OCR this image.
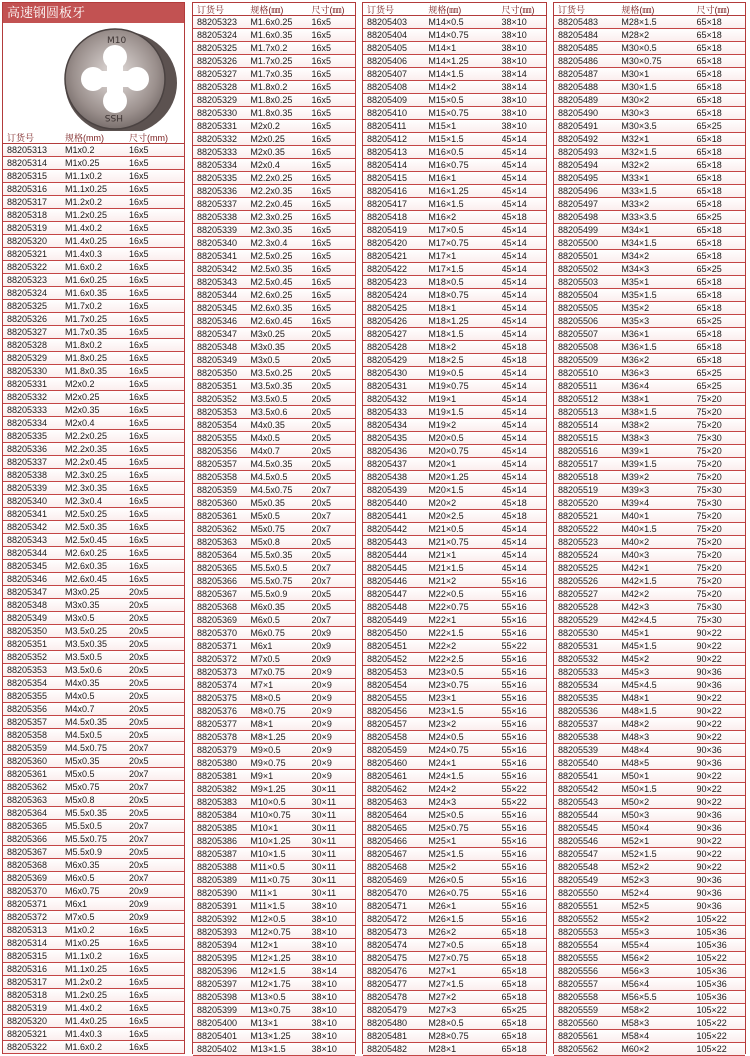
高速钢圆板牙
M10
HSS
订货号	规格(mm)	尺寸(mm)
88205313	M1x0.2	16x5
88205314	M1x0.25	16x5
88205315	M1.1x0.2	16x5
88205316	M1.1x0.25	16x5
88205317	M1.2x0.2	16x5
88205318	M1.2x0.25	16x5
88205319	M1.4x0.2	16x5
88205320	M1.4x0.25	16x5
88205321	M1.4x0.3	16x5
88205322	M1.6x0.2	16x5
88205323	M1.6x0.25	16x5
88205324	M1.6x0.35	16x5
88205325	M1.7x0.2	16x5
88205326	M1.7x0.25	16x5
88205327	M1.7x0.35	16x5
88205328	M1.8x0.2	16x5
88205329	M1.8x0.25	16x5
88205330	M1.8x0.35	16x5
88205331	M2x0.2	16x5
88205332	M2x0.25	16x5
88205333	M2x0.35	16x5
88205334	M2x0.4	16x5
88205335	M2.2x0.25	16x5
88205336	M2.2x0.35	16x5
88205337	M2.2x0.45	16x5
88205338	M2.3x0.25	16x5
88205339	M2.3x0.35	16x5
88205340	M2.3x0.4	16x5
88205341	M2.5x0.25	16x5
88205342	M2.5x0.35	16x5
88205343	M2.5x0.45	16x5
88205344	M2.6x0.25	16x5
88205345	M2.6x0.35	16x5
88205346	M2.6x0.45	16x5
88205347	M3x0.25	20x5
88205348	M3x0.35	20x5
88205349	M3x0.5	20x5
88205350	M3.5x0.25	20x5
88205351	M3.5x0.35	20x5
88205352	M3.5x0.5	20x5
88205353	M3.5x0.6	20x5
88205354	M4x0.35	20x5
88205355	M4x0.5	20x5
88205356	M4x0.7	20x5
88205357	M4.5x0.35	20x5
88205358	M4.5x0.5	20x5
88205359	M4.5x0.75	20x7
88205360	M5x0.35	20x5
88205361	M5x0.5	20x7
88205362	M5x0.75	20x7
88205363	M5x0.8	20x5
88205364	M5.5x0.35	20x5
88205365	M5.5x0.5	20x7
88205366	M5.5x0.75	20x7
88205367	M5.5x0.9	20x5
88205368	M6x0.35	20x5
88205369	M6x0.5	20x7
88205370	M6x0.75	20x9
88205371	M6x1	20x9
88205372	M7x0.5	20x9
88205313	M1x0.2	16x5
88205314	M1x0.25	16x5
88205315	M1.1x0.2	16x5
88205316	M1.1x0.25	16x5
88205317	M1.2x0.2	16x5
88205318	M1.2x0.25	16x5
88205319	M1.4x0.2	16x5
88205320	M1.4x0.25	16x5
88205321	M1.4x0.3	16x5
88205322	M1.6x0.2	16x5
订货号	规格(㎜)	尺寸(㎜)
88205323	M1.6x0.25	16x5
88205324	M1.6x0.35	16x5
88205325	M1.7x0.2	16x5
88205326	M1.7x0.25	16x5
88205327	M1.7x0.35	16x5
88205328	M1.8x0.2	16x5
88205329	M1.8x0.25	16x5
88205330	M1.8x0.35	16x5
88205331	M2x0.2	16x5
88205332	M2x0.25	16x5
88205333	M2x0.35	16x5
88205334	M2x0.4	16x5
88205335	M2.2x0.25	16x5
88205336	M2.2x0.35	16x5
88205337	M2.2x0.45	16x5
88205338	M2.3x0.25	16x5
88205339	M2.3x0.35	16x5
88205340	M2.3x0.4	16x5
88205341	M2.5x0.25	16x5
88205342	M2.5x0.35	16x5
88205343	M2.5x0.45	16x5
88205344	M2.6x0.25	16x5
88205345	M2.6x0.35	16x5
88205346	M2.6x0.45	16x5
88205347	M3x0.25	20x5
88205348	M3x0.35	20x5
88205349	M3x0.5	20x5
88205350	M3.5x0.25	20x5
88205351	M3.5x0.35	20x5
88205352	M3.5x0.5	20x5
88205353	M3.5x0.6	20x5
88205354	M4x0.35	20x5
88205355	M4x0.5	20x5
88205356	M4x0.7	20x5
88205357	M4.5x0.35	20x5
88205358	M4.5x0.5	20x5
88205359	M4.5x0.75	20x7
88205360	M5x0.35	20x5
88205361	M5x0.5	20x7
88205362	M5x0.75	20x7
88205363	M5x0.8	20x5
88205364	M5.5x0.35	20x5
88205365	M5.5x0.5	20x7
88205366	M5.5x0.75	20x7
88205367	M5.5x0.9	20x5
88205368	M6x0.35	20x5
88205369	M6x0.5	20x7
88205370	M6x0.75	20x9
88205371	M6x1	20x9
88205372	M7x0.5	20x9
88205373	M7x0.75	20×9
88205374	M7×1	20×9
88205375	M8×0.5	20×9
88205376	M8×0.75	20×9
88205377	M8×1	20×9
88205378	M8×1.25	20×9
88205379	M9×0.5	20×9
88205380	M9×0.75	20×9
88205381	M9×1	20×9
88205382	M9×1.25	30×11
88205383	M10×0.5	30×11
88205384	M10×0.75	30×11
88205385	M10×1	30×11
88205386	M10×1.25	30×11
88205387	M10×1.5	30×11
88205388	M11×0.5	30×11
88205389	M11×0.75	30×11
88205390	M11×1	30×11
88205391	M11×1.5	38×10
88205392	M12×0.5	38×10
88205393	M12×0.75	38×10
88205394	M12×1	38×10
88205395	M12×1.25	38×10
88205396	M12×1.5	38×14
88205397	M12×1.75	38×10
88205398	M13×0.5	38×10
88205399	M13×0.75	38×10
88205400	M13×1	38×10
88205401	M13×1.25	38×10
88205402	M13×1.5	38×10
订货号	规格(㎜)	尺寸(㎜)
88205403	M14×0.5	38×10
88205404	M14×0.75	38×10
88205405	M14×1	38×10
88205406	M14×1.25	38×10
88205407	M14×1.5	38×14
88205408	M14×2	38×14
88205409	M15×0.5	38×10
88205410	M15×0.75	38×10
88205411	M15×1	38×10
88205412	M15×1.5	45×14
88205413	M16×0.5	45×14
88205414	M16×0.75	45×14
88205415	M16×1	45×14
88205416	M16×1.25	45×14
88205417	M16×1.5	45×14
88205418	M16×2	45×18
88205419	M17×0.5	45×14
88205420	M17×0.75	45×14
88205421	M17×1	45×14
88205422	M17×1.5	45×14
88205423	M18×0.5	45×14
88205424	M18×0.75	45×14
88205425	M18×1	45×14
88205426	M18×1.25	45×14
88205427	M18×1.5	45×14
88205428	M18×2	45×18
88205429	M18×2.5	45×18
88205430	M19×0.5	45×14
88205431	M19×0.75	45×14
88205432	M19×1	45×14
88205433	M19×1.5	45×14
88205434	M19×2	45×14
88205435	M20×0.5	45×14
88205436	M20×0.75	45×14
88205437	M20×1	45×14
88205438	M20×1.25	45×14
88205439	M20×1.5	45×14
88205440	M20×2	45×18
88205441	M20×2.5	45×18
88205442	M21×0.5	45×14
88205443	M21×0.75	45×14
88205444	M21×1	45×14
88205445	M21×1.5	45×14
88205446	M21×2	55×16
88205447	M22×0.5	55×16
88205448	M22×0.75	55×16
88205449	M22×1	55×16
88205450	M22×1.5	55×16
88205451	M22×2	55×22
88205452	M22×2.5	55×16
88205453	M23×0.5	55×16
88205454	M23×0.75	55×16
88205455	M23×1	55×16
88205456	M23×1.5	55×16
88205457	M23×2	55×16
88205458	M24×0.5	55×16
88205459	M24×0.75	55×16
88205460	M24×1	55×16
88205461	M24×1.5	55×16
88205462	M24×2	55×22
88205463	M24×3	55×22
88205464	M25×0.5	55×16
88205465	M25×0.75	55×16
88205466	M25×1	55×16
88205467	M25×1.5	55×16
88205468	M25×2	55×16
88205469	M26×0.5	55×16
88205470	M26×0.75	55×16
88205471	M26×1	55×16
88205472	M26×1.5	55×16
88205473	M26×2	65×18
88205474	M27×0.5	65×18
88205475	M27×0.75	65×18
88205476	M27×1	65×18
88205477	M27×1.5	65×18
88205478	M27×2	65×18
88205479	M27×3	65×25
88205480	M28×0.5	65×18
88205481	M28×0.75	65×18
88205482	M28×1	65×18
订货号	规格(㎜)	尺寸(㎜)
88205483	M28×1.5	65×18
88205484	M28×2	65×18
88205485	M30×0.5	65×18
88205486	M30×0.75	65×18
88205487	M30×1	65×18
88205488	M30×1.5	65×18
88205489	M30×2	65×18
88205490	M30×3	65×18
88205491	M30×3.5	65×25
88205492	M32×1	65×18
88205493	M32×1.5	65×18
88205494	M32×2	65×18
88205495	M33×1	65×18
88205496	M33×1.5	65×18
88205497	M33×2	65×18
88205498	M33×3.5	65×25
88205499	M34×1	65×18
88205500	M34×1.5	65×18
88205501	M34×2	65×18
88205502	M34×3	65×25
88205503	M35×1	65×18
88205504	M35×1.5	65×18
88205505	M35×2	65×18
88205506	M35×3	65×25
88205507	M36×1	65×18
88205508	M36×1.5	65×18
88205509	M36×2	65×18
88205510	M36×3	65×25
88205511	M36×4	65×25
88205512	M38×1	75×20
88205513	M38×1.5	75×20
88205514	M38×2	75×20
88205515	M38×3	75×30
88205516	M39×1	75×20
88205517	M39×1.5	75×20
88205518	M39×2	75×20
88205519	M39×3	75×30
88205520	M39×4	75×30
88205521	M40×1	75×20
88205522	M40×1.5	75×20
88205523	M40×2	75×20
88205524	M40×3	75×20
88205525	M42×1	75×20
88205526	M42×1.5	75×20
88205527	M42×2	75×20
88205528	M42×3	75×30
88205529	M42×4.5	75×30
88205530	M45×1	90×22
88205531	M45×1.5	90×22
88205532	M45×2	90×22
88205533	M45×3	90×36
88205534	M45×4.5	90×36
88205535	M48×1	90×22
88205536	M48×1.5	90×22
88205537	M48×2	90×22
88205538	M48×3	90×22
88205539	M48×4	90×36
88205540	M48×5	90×36
88205541	M50×1	90×22
88205542	M50×1.5	90×22
88205543	M50×2	90×22
88205544	M50×3	90×36
88205545	M50×4	90×36
88205546	M52×1	90×22
88205547	M52×1.5	90×22
88205548	M52×2	90×22
88205549	M52×3	90×36
88205550	M52×4	90×36
88205551	M52×5	90×36
88205552	M55×2	105×22
88205553	M55×3	105×36
88205554	M55×4	105×36
88205555	M56×2	105×22
88205556	M56×3	105×36
88205557	M56×4	105×36
88205558	M56×5.5	105×36
88205559	M58×2	105×22
88205560	M58×3	105×22
88205561	M58×4	105×22
88205562	M60×2	105×22
